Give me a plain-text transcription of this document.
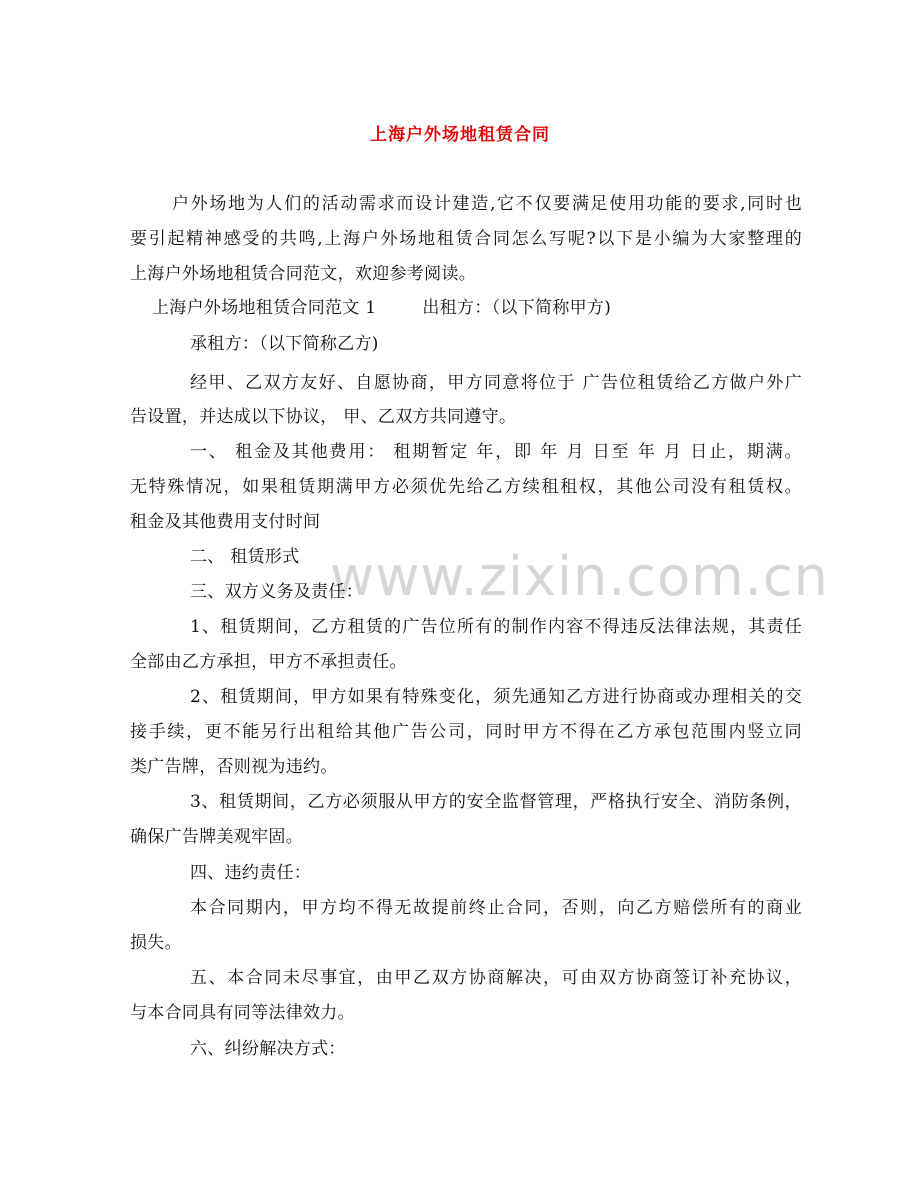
上海户外场地租赁合同
www.zixin.com.cn
户外场地为人们的活动需求而设计建造,它不仅要满足使用功能的要求,同时也
要引起精神感受的共鸣,上海户外场地租赁合同怎么写呢?以下是小编为大家整理的
上海户外场地租赁合同范文，欢迎参考阅读。
上海户外场地租赁合同范文 1	出租方：（以下简称甲方)
承租方：（以下简称乙方)
经甲、乙双方友好、自愿协商，甲方同意将位于 广告位租赁给乙方做户外广
告设置，并达成以下协议， 甲、乙双方共同遵守。
一、 租金及其他费用： 租期暂定 年，即 年 月 日至 年 月 日止，期满。
无特殊情况，如果租赁期满甲方必须优先给乙方续租租权，其他公司没有租赁权。
租金及其他费用支付时间
二、 租赁形式
三、双方义务及责任：
1、租赁期间，乙方租赁的广告位所有的制作内容不得违反法律法规，其责任
全部由乙方承担，甲方不承担责任。
2、租赁期间，甲方如果有特殊变化，须先通知乙方进行协商或办理相关的交
接手续，更不能另行出租给其他广告公司，同时甲方不得在乙方承包范围内竖立同
类广告牌，否则视为违约。
3、租赁期间，乙方必须服从甲方的安全监督管理，严格执行安全、消防条例，
确保广告牌美观牢固。
四、违约责任：
本合同期内，甲方均不得无故提前终止合同，否则，向乙方赔偿所有的商业
损失。
五、本合同未尽事宜，由甲乙双方协商解决，可由双方协商签订补充协议，
与本合同具有同等法律效力。
六、纠纷解决方式：
